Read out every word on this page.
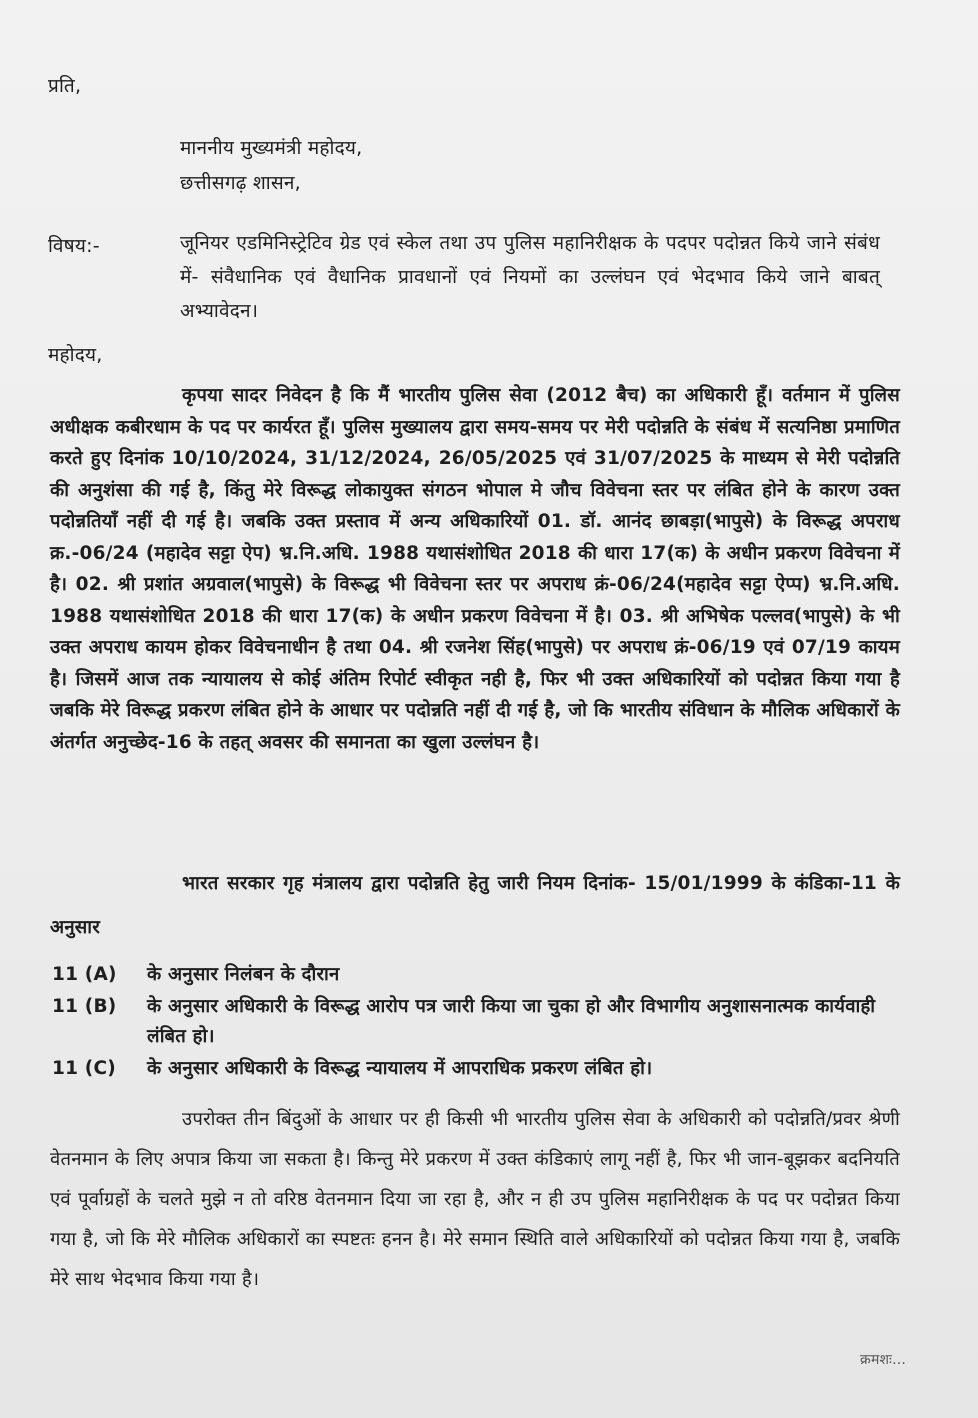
प्रति,
माननीय मुख्यमंत्री महोदय,
छत्तीसगढ़ शासन,
विषय:-	जूनियर एडमिनिस्ट्रेटिव ग्रेड एवं स्केल तथा उप पुलिस महानिरीक्षक के पदपर पदोन्नत किये जाने संबंध में- संवैधानिक एवं वैधानिक प्रावधानों एवं नियमों का उल्लंघन एवं भेदभाव किये जाने बाबत् अभ्यावेदन।
महोदय,
कृपया सादर निवेदन है कि मैं भारतीय पुलिस सेवा (2012 बैच) का अधिकारी हूँ। वर्तमान में पुलिस अधीक्षक कबीरधाम के पद पर कार्यरत हूँ। पुलिस मुख्यालय द्वारा समय-समय पर मेरी पदोन्नति के संबंध में सत्यनिष्ठा प्रमाणित करते हुए दिनांक 10/10/2024, 31/12/2024, 26/05/2025 एवं 31/07/2025 के माध्यम से मेरी पदोन्नति की अनुशंसा की गई है, किंतु मेरे विरूद्ध लोकायुक्त संगठन भोपाल मे जौच विवेचना स्तर पर लंबित होने के कारण उक्त पदोन्नतियाँ नहीं दी गई है। जबकि उक्त प्रस्ताव में अन्य अधिकारियों 01. डॉ. आनंद छाबड़ा(भापुसे) के विरूद्ध अपराध क्र.-06/24 (महादेव सट्टा ऐप) भ्र.नि.अधि. 1988 यथासंशोधित 2018 की धारा 17(क) के अधीन प्रकरण विवेचना में है। 02. श्री प्रशांत अग्रवाल(भापुसे) के विरूद्ध भी विवेचना स्तर पर अपराध क्रं-06/24(महादेव सट्टा ऐप्प) भ्र.नि.अधि. 1988 यथासंशोधित 2018 की धारा 17(क) के अधीन प्रकरण विवेचना में है। 03. श्री अभिषेक पल्लव(भापुसे) के भी उक्त अपराध कायम होकर विवेचनाधीन है तथा 04. श्री रजनेश सिंह(भापुसे) पर अपराध क्रं-06/19 एवं 07/19 कायम है। जिसमें आज तक न्यायालय से कोई अंतिम रिपोर्ट स्वीकृत नही है, फिर भी उक्त अधिकारियों को पदोन्नत किया गया है जबकि मेरे विरूद्ध प्रकरण लंबित होने के आधार पर पदोन्नति नहीं दी गई है, जो कि भारतीय संविधान के मौलिक अधिकारों के अंतर्गत अनुच्छेद-16 के तहत् अवसर की समानता का खुला उल्लंघन है।
भारत सरकार गृह मंत्रालय द्वारा पदोन्नति हेतु जारी नियम दिनांक- 15/01/1999 के कंडिका-11 के अनुसार
11 (A)	के अनुसार निलंबन के दौरान
11 (B)	के अनुसार अधिकारी के विरूद्ध आरोप पत्र जारी किया जा चुका हो और विभागीय अनुशासनात्मक कार्यवाही लंबित हो।
11 (C)	के अनुसार अधिकारी के विरूद्ध न्यायालय में आपराधिक प्रकरण लंबित हो।
उपरोक्त तीन बिंदुओं के आधार पर ही किसी भी भारतीय पुलिस सेवा के अधिकारी को पदोन्नति/प्रवर श्रेणी वेतनमान के लिए अपात्र किया जा सकता है। किन्तु मेरे प्रकरण में उक्त कंडिकाएं लागू नहीं है, फिर भी जान-बूझकर बदनियति एवं पूर्वाग्रहों के चलते मुझे न तो वरिष्ठ वेतनमान दिया जा रहा है, और न ही उप पुलिस महानिरीक्षक के पद पर पदोन्नत किया गया है, जो कि मेरे मौलिक अधिकारों का स्पष्टतः हनन है। मेरे समान स्थिति वाले अधिकारियों को पदोन्नत किया गया है, जबकि मेरे साथ भेदभाव किया गया है।
क्रमशः...
